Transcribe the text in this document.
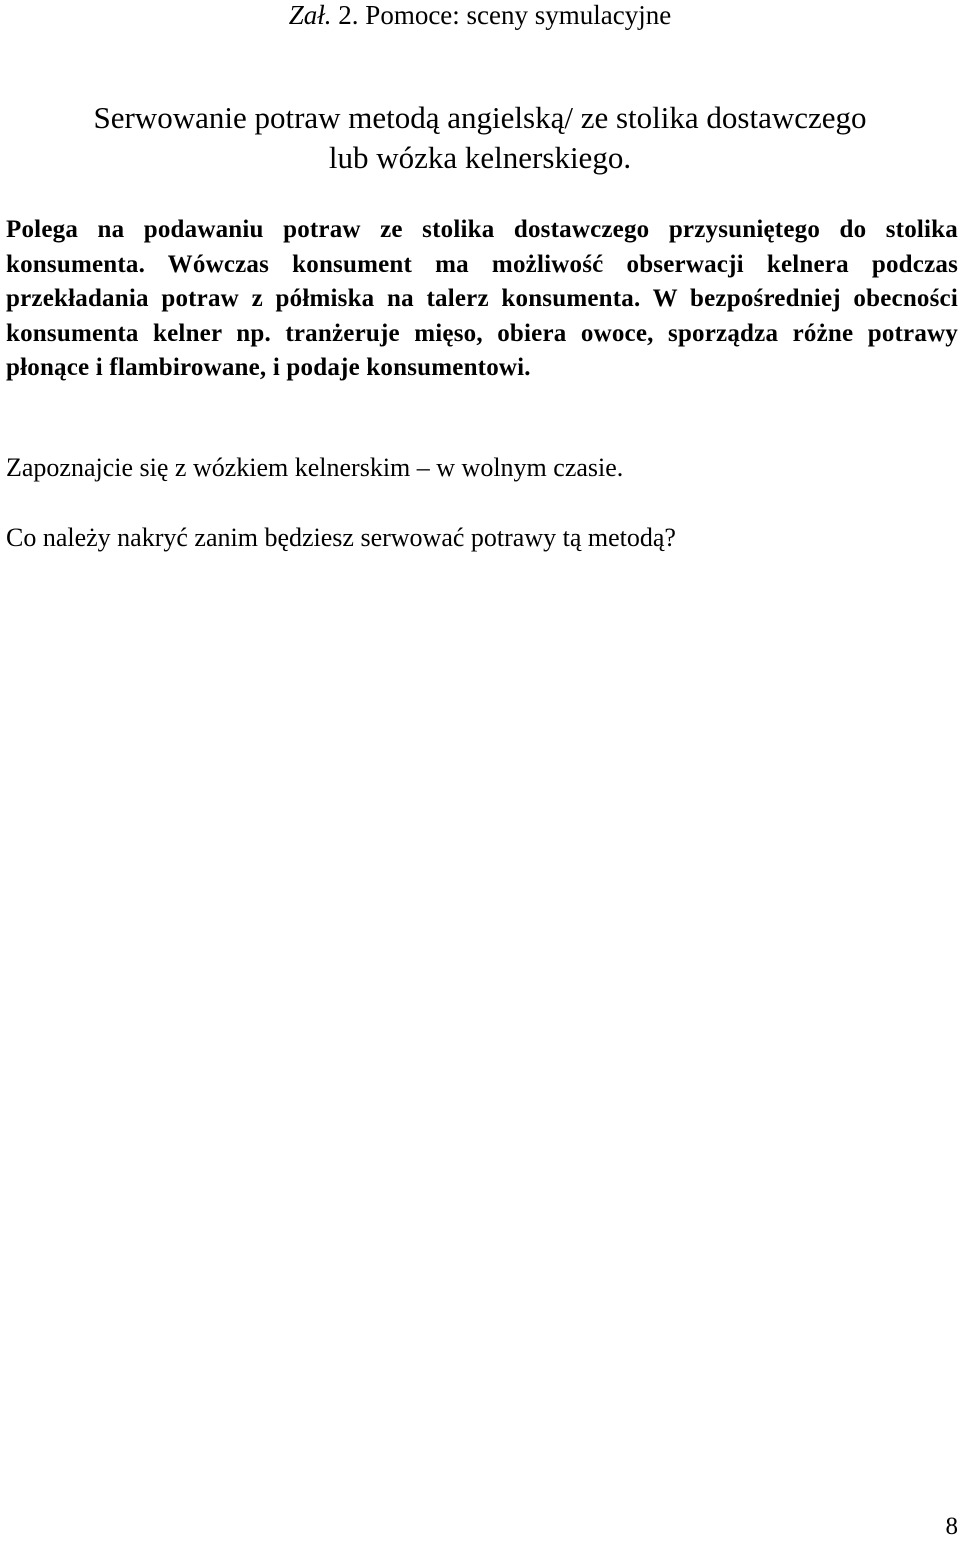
Zał. 2. Pomoce: sceny symulacyjne
Serwowanie potraw metodą angielską/ ze stolika dostawczego
lub wózka kelnerskiego.
Polega na podawaniu potraw ze stolika dostawczego przysuniętego do stolika konsumenta. Wówczas konsument ma możliwość obserwacji kelnera podczas przekładania potraw z półmiska na talerz konsumenta. W bezpośredniej obecności konsumenta kelner np. tranżeruje mięso, obiera owoce, sporządza różne potrawy płonące i flambirowane, i podaje konsumentowi.
Zapoznajcie się z wózkiem kelnerskim – w wolnym czasie.
Co należy nakryć zanim będziesz serwować potrawy tą metodą?
8
